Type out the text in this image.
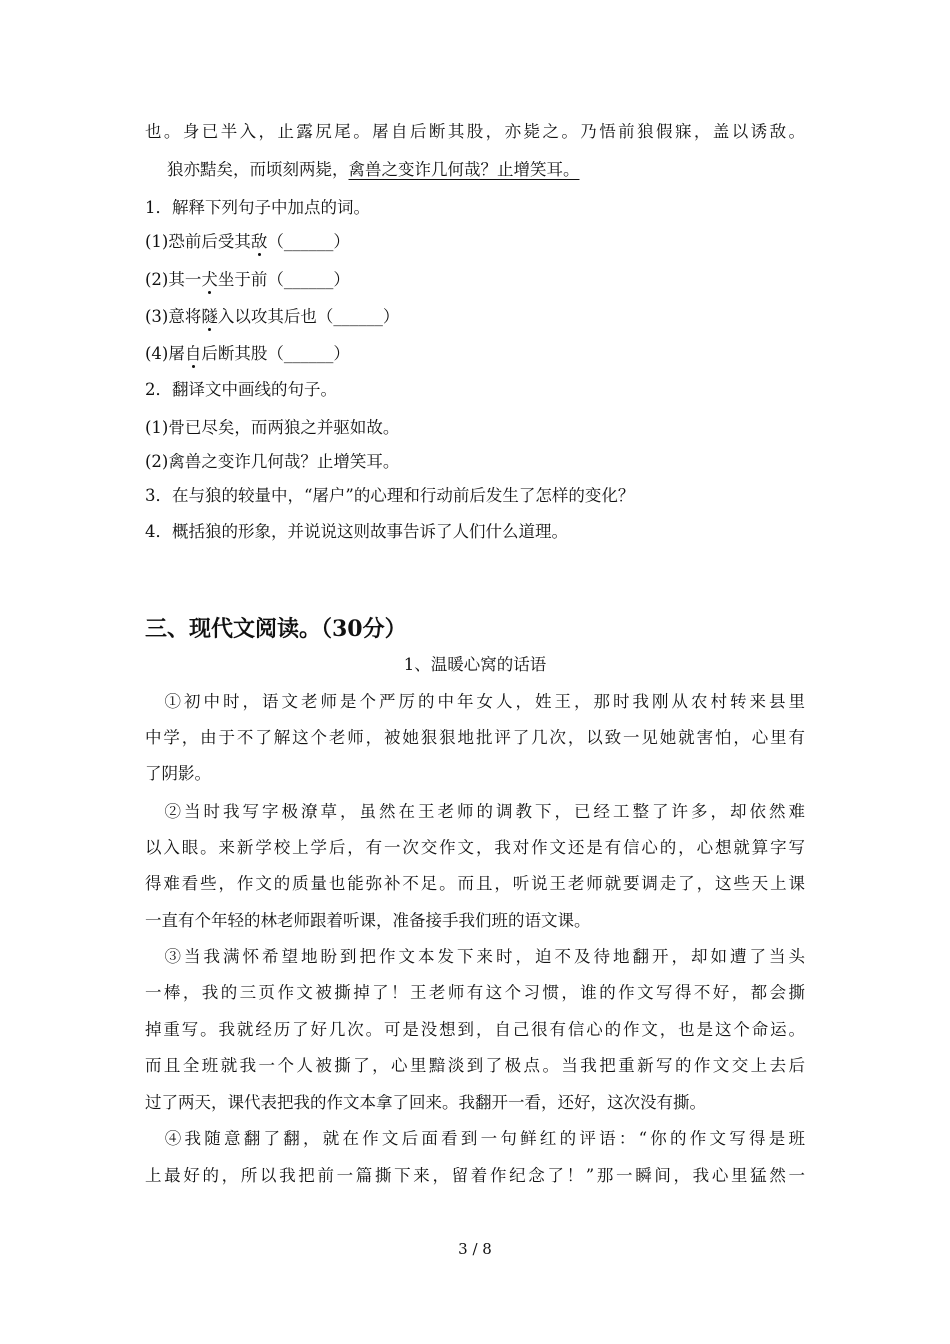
也。身已半入，止露尻尾。屠自后断其股，亦毙之。乃悟前狼假寐，盖以诱敌。
狼亦黠矣，而顷刻两毙，禽兽之变诈几何哉？止增笑耳。
1．解释下列句子中加点的词。
(1)恐前后受其敌（______）
(2)其一犬坐于前（______）
(3)意将隧入以攻其后也（______）
(4)屠自后断其股（______）
2．翻译文中画线的句子。
(1)骨已尽矣，而两狼之并驱如故。
(2)禽兽之变诈几何哉？止增笑耳。
3．在与狼的较量中，“屠户”的心理和行动前后发生了怎样的变化？
4．概括狼的形象，并说说这则故事告诉了人们什么道理。
三、现代文阅读。（30分）
1、温暖心窝的话语
　①初中时，语文老师是个严厉的中年女人，姓王，那时我刚从农村转来县里
中学，由于不了解这个老师，被她狠狠地批评了几次，以致一见她就害怕，心里有
了阴影。
　②当时我写字极潦草，虽然在王老师的调教下，已经工整了许多，却依然难
以入眼。来新学校上学后，有一次交作文，我对作文还是有信心的，心想就算字写
得难看些，作文的质量也能弥补不足。而且，听说王老师就要调走了，这些天上课
一直有个年轻的林老师跟着听课，准备接手我们班的语文课。
　③当我满怀希望地盼到把作文本发下来时，迫不及待地翻开，却如遭了当头
一棒，我的三页作文被撕掉了！王老师有这个习惯，谁的作文写得不好，都会撕
掉重写。我就经历了好几次。可是没想到，自己很有信心的作文，也是这个命运。
而且全班就我一个人被撕了，心里黯淡到了极点。当我把重新写的作文交上去后
过了两天，课代表把我的作文本拿了回来。我翻开一看，还好，这次没有撕。
　④我随意翻了翻，就在作文后面看到一句鲜红的评语：“你的作文写得是班
上最好的，所以我把前一篇撕下来，留着作纪念了！”那一瞬间，我心里猛然一
3 / 8
